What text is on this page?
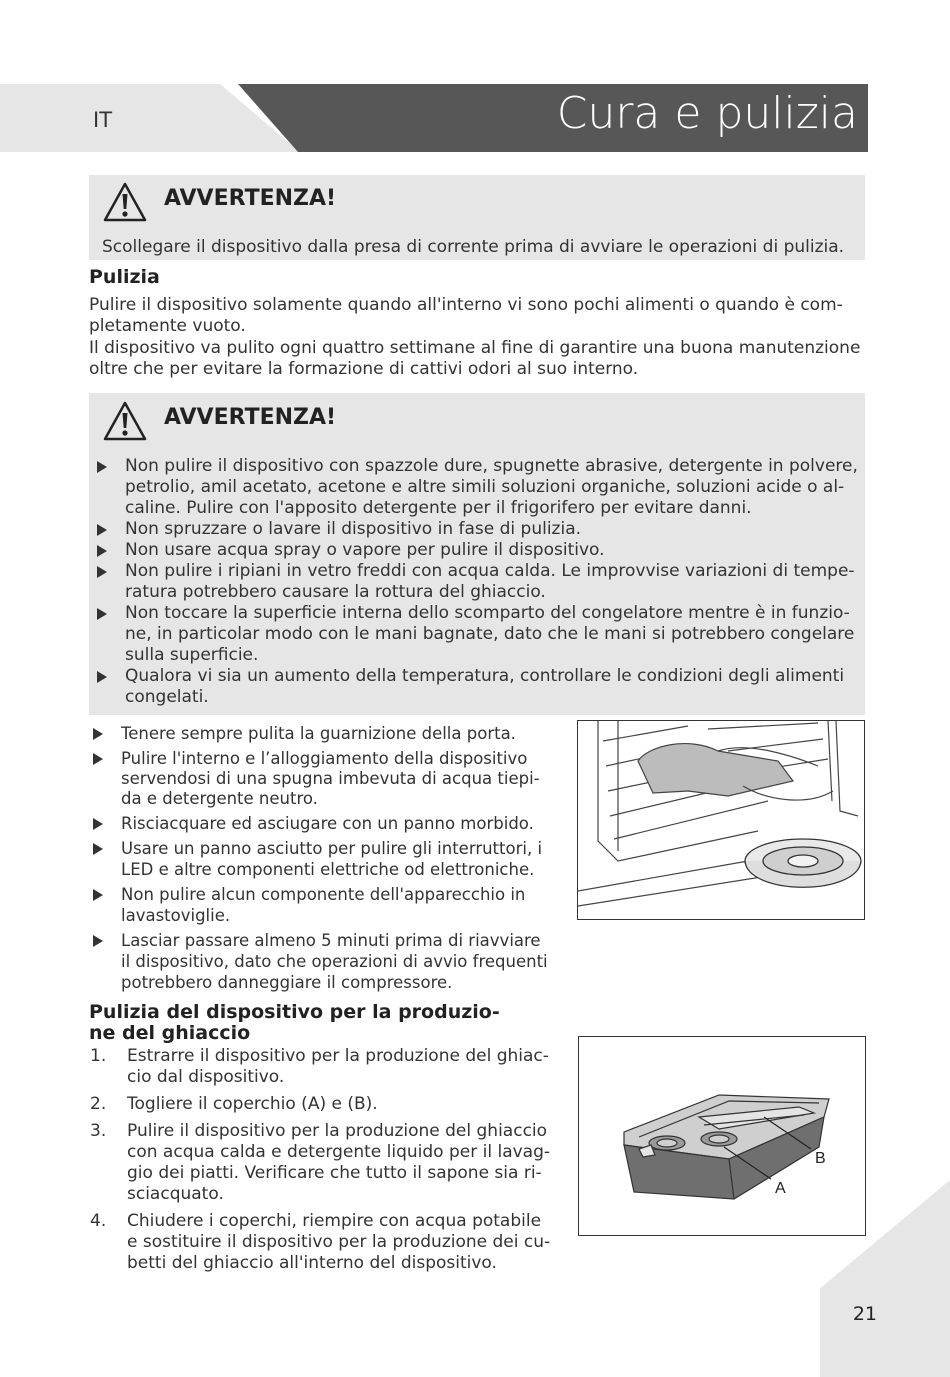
IT	Cura e pulizia
AVVERTENZA!
Scollegare il dispositivo dalla presa di corrente prima di avviare le operazioni di pulizia.
Pulizia
Pulire il dispositivo solamente quando all'interno vi sono pochi alimenti o quando è com-
pletamente vuoto.
Il dispositivo va pulito ogni quattro settimane al fine di garantire una buona manutenzione
oltre che per evitare la formazione di cattivi odori al suo interno.
AVVERTENZA!
Non pulire il dispositivo con spazzole dure, spugnette abrasive, detergente in polvere,
petrolio, amil acetato, acetone e altre simili soluzioni organiche, soluzioni acide o al-
caline. Pulire con l'apposito detergente per il frigorifero per evitare danni.
Non spruzzare o lavare il dispositivo in fase di pulizia.
Non usare acqua spray o vapore per pulire il dispositivo.
Non pulire i ripiani in vetro freddi con acqua calda. Le improvvise variazioni di tempe-
ratura potrebbero causare la rottura del ghiaccio.
Non toccare la superficie interna dello scomparto del congelatore mentre è in funzio-
ne, in particolar modo con le mani bagnate, dato che le mani si potrebbero congelare
sulla superficie.
Qualora vi sia un aumento della temperatura, controllare le condizioni degli alimenti
congelati.
Tenere sempre pulita la guarnizione della porta.
Pulire l'interno e l’alloggiamento della dispositivo
servendosi di una spugna imbevuta di acqua tiepi-
da e detergente neutro.
Risciacquare ed asciugare con un panno morbido.
Usare un panno asciutto per pulire gli interruttori, i
LED e altre componenti elettriche od elettroniche.
Non pulire alcun componente dell'apparecchio in
lavastoviglie.
Lasciar passare almeno 5 minuti prima di riavviare
il dispositivo, dato che operazioni di avvio frequenti
potrebbero danneggiare il compressore.
Pulizia del dispositivo per la produzio-
ne del ghiaccio
1. Estrarre il dispositivo per la produzione del ghiac-
cio dal dispositivo.
2. Togliere il coperchio (A) e (B).
3. Pulire il dispositivo per la produzione del ghiaccio
con acqua calda e detergente liquido per il lavag-
gio dei piatti. Verificare che tutto il sapone sia ri-
sciacquato.
4. Chiudere i coperchi, riempire con acqua potabile
e sostituire il dispositivo per la produzione dei cu-
betti del ghiaccio all'interno del dispositivo.
A
B
21
